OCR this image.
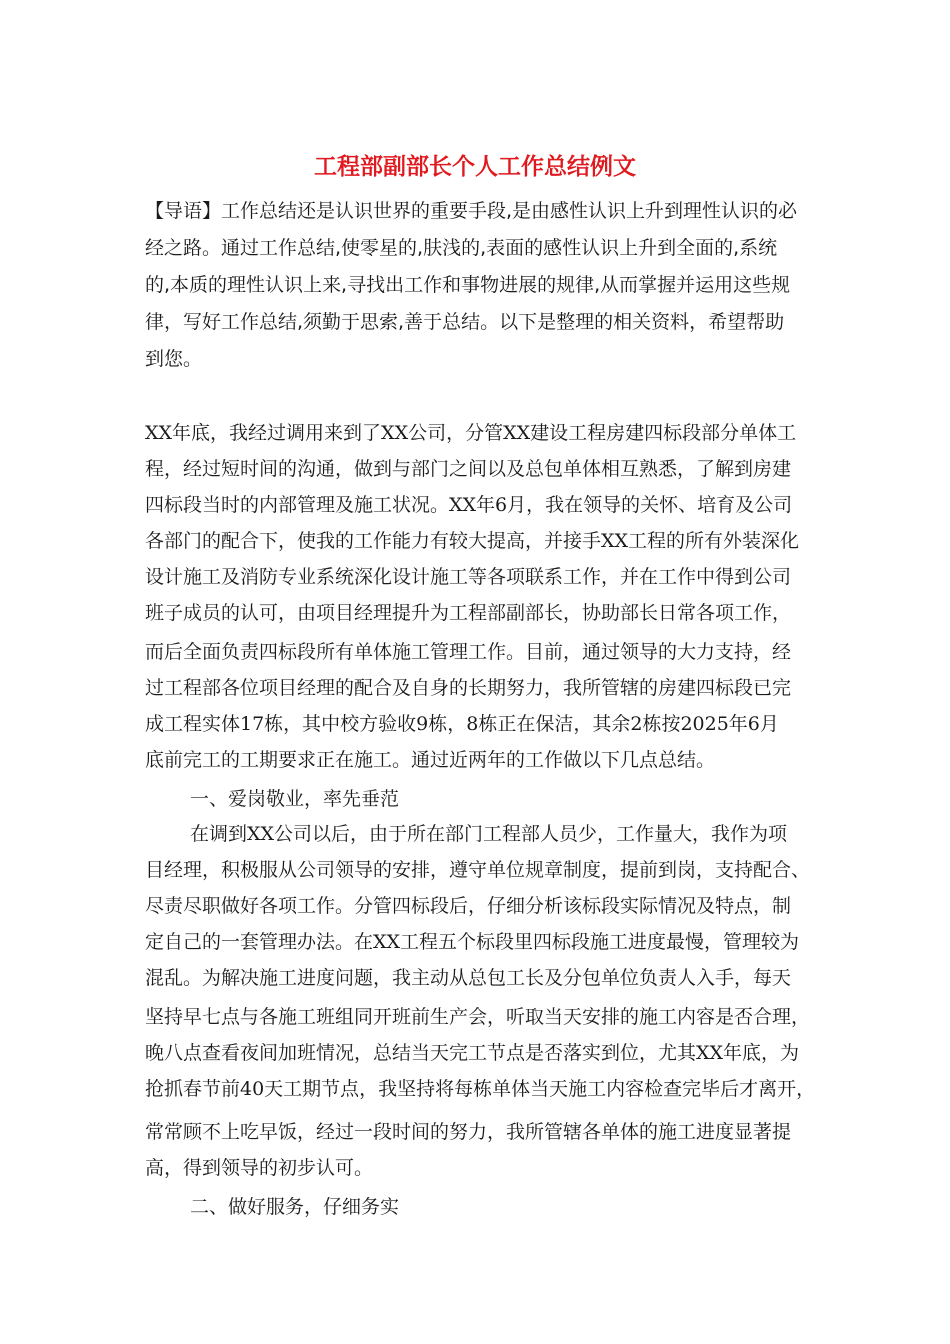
工程部副部长个人工作总结例文

【导语】工作总结还是认识世界的重要手段,是由感性认识上升到理性认识的必

经之路。通过工作总结,使零星的,肤浅的,表面的感性认识上升到全面的,系统

的,本质的理性认识上来,寻找出工作和事物进展的规律,从而掌握并运用这些规

律，写好工作总结,须勤于思索,善于总结。以下是整理的相关资料，希望帮助

到您。

XX年底，我经过调用来到了XX公司，分管XX建设工程房建四标段部分单体工

程，经过短时间的沟通，做到与部门之间以及总包单体相互熟悉，了解到房建

四标段当时的内部管理及施工状况。XX年6月，我在领导的关怀、培育及公司

各部门的配合下，使我的工作能力有较大提高，并接手XX工程的所有外装深化

设计施工及消防专业系统深化设计施工等各项联系工作，并在工作中得到公司

班子成员的认可，由项目经理提升为工程部副部长，协助部长日常各项工作，

而后全面负责四标段所有单体施工管理工作。目前，通过领导的大力支持，经

过工程部各位项目经理的配合及自身的长期努力，我所管辖的房建四标段已完

成工程实体17栋，其中校方验收9栋，8栋正在保洁，其余2栋按2025年6月

底前完工的工期要求正在施工。通过近两年的工作做以下几点总结。

一、爱岗敬业，率先垂范

在调到XX公司以后，由于所在部门工程部人员少，工作量大，我作为项

目经理，积极服从公司领导的安排，遵守单位规章制度，提前到岗，支持配合、

尽责尽职做好各项工作。分管四标段后，仔细分析该标段实际情况及特点，制

定自己的一套管理办法。在XX工程五个标段里四标段施工进度最慢，管理较为

混乱。为解决施工进度问题，我主动从总包工长及分包单位负责人入手，每天

坚持早七点与各施工班组同开班前生产会，听取当天安排的施工内容是否合理，

晚八点查看夜间加班情况，总结当天完工节点是否落实到位，尤其XX年底，为

抢抓春节前40天工期节点，我坚持将每栋单体当天施工内容检查完毕后才离开，

常常顾不上吃早饭，经过一段时间的努力，我所管辖各单体的施工进度显著提

高，得到领导的初步认可。

二、做好服务，仔细务实
